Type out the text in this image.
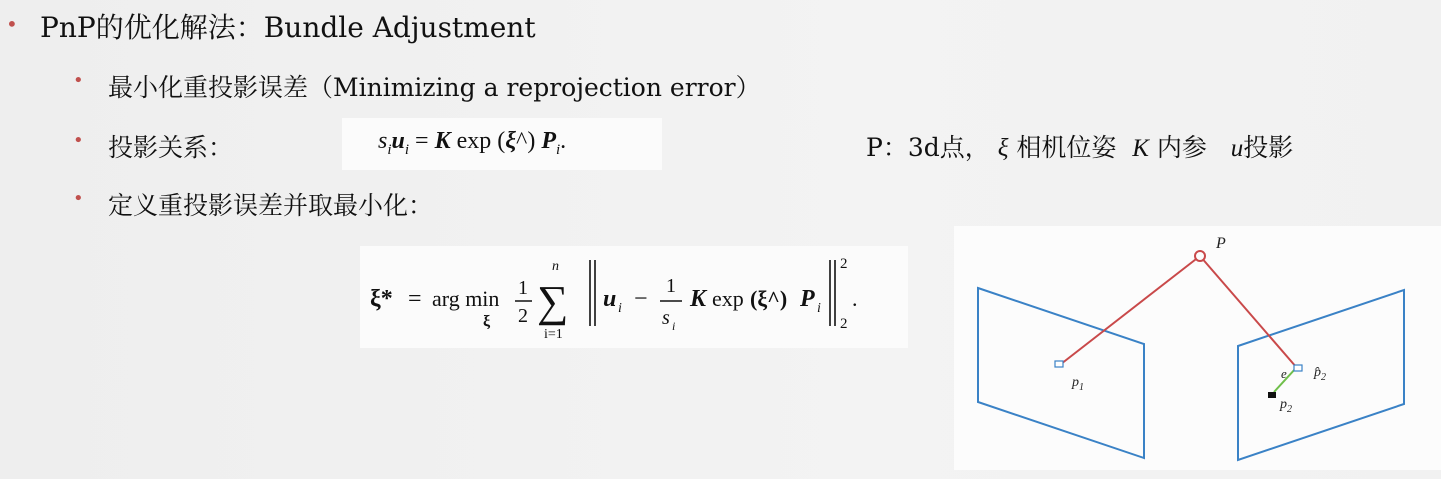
• PnP的优化解法：Bundle Adjustment
• 最小化重投影误差（Minimizing a reprojection error）
• 投影关系：
• 定义重投影误差并取最小化：
$s_iu_i = K$ exp (ξ^) $P_i$.	P：3d点， ξ 相机位姿 K 内参 u投影
ξ* = arg min
ξ
1
2
n
∑
i=1
u i − 1
s i
K exp (ξ^) P i
2
2
.
P
$p_1$
$p̂_2$
e
$p_2$
